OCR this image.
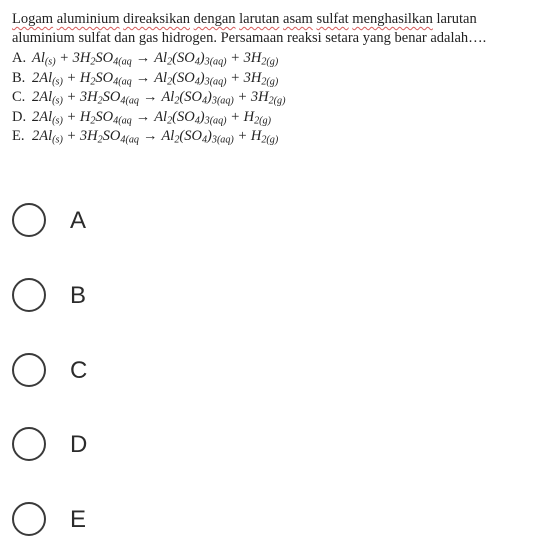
Logam aluminium direaksikan dengan larutan asam sulfat menghasilkan larutan aluminium sulfat dan gas hidrogen. Persamaan reaksi setara yang benar adalah….

A. $Al_{(s)} + 3H_2SO_{4(aq} \to Al_2(SO_4)_{3(aq)} + 3H_{2(g)}$
B. $2Al_{(s)} + H_2SO_{4(aq} \to Al_2(SO_4)_{3(aq)} + 3H_{2(g)}$
C. $2Al_{(s)} + 3H_2SO_{4(aq} \to Al_2(SO_4)_{3(aq)} + 3H_{2(g)}$
D. $2Al_{(s)} + H_2SO_{4(aq} \to Al_2(SO_4)_{3(aq)} + H_{2(g)}$
E. $2Al_{(s)} + 3H_2SO_{4(aq} \to Al_2(SO_4)_{3(aq)} + H_{2(g)}$
A
B
C
D
E
